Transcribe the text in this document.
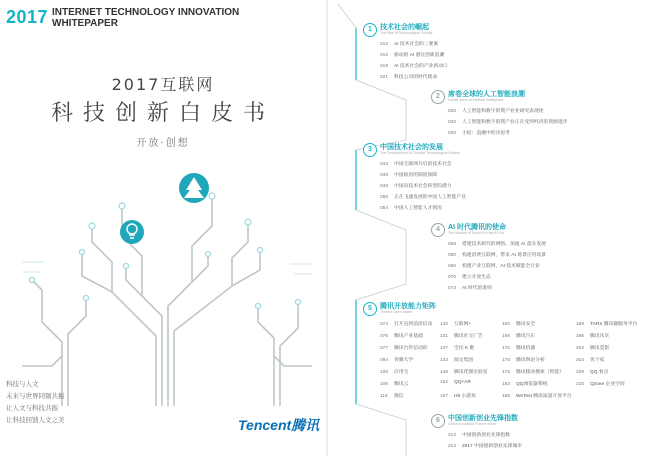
2017 INTERNET TECHNOLOGY INNOVATION
WHITEPAPER
2017互联网
科技创新白皮书
开放·创想
科技与人文
未来与世界同频共振
让人文与科技共振
让科技回馈人文之美	Tencent腾讯
1	技术社会的崛起
The Rise of Technological Society
012 AI 技术社会的三要素
015 驱动的 AI 潜在创新浪潮
019 AI 技术社会的产业新动口
021 科技公司的时代使命
2	席卷全球的人工智能浪潮
Global Wave of Artificial Intelligence
026 人工智能和数字的资产业业研究表现述
032 人工智能和数字的资产业正在受到经济的资源进步
040 小结：浪潮中的冷思考
3	中国技术社会的发展
The Development of Chinese Technological Society
043 中国互联网开启的技术社会
046 中国政府的制度保障
049 中国向技术社会转型的潜力
050 正在飞速发展的中国人工智能产业
054 中国人工智能人才情况
4	AI 时代腾讯的使命
The Mission of Tencent in the AI Era
058 搭建技术研究的网络，加速 AI 落实发展
060 构建消费互联网，带来 AI 场景应用场景
066 构建产业互联网，AI 技术赋能全行业
070 建立开放生态
073 AI 时代的准则
5	腾讯开放能力矩阵
Tencent Open Matrix
074 打开直到前沿信动
076 腾讯产业基础
077 腾讯台传信动的
094 青腾大学
100 应用宝
106 腾讯云
115 微信
120 互联网+
131 腾讯社交广告
137 全民 K 歌
143 阅文集团
146 腾讯优图实验室
152 QQ+AR
157 H5 小游戏
160 腾讯安全
166 腾讯汽车
170 腾讯机器
175 腾讯舆论分析
176 腾讯移动搜索（智能）
183 QQ浏览器系统
188 WeTest 腾讯质量开放平台
189 TARS 腾讯微服务平台
196 腾讯乐享
202 腾讯觅影
204 优个家
209 QQ 看点
210 Qzone 企业空间
6	中国创新创业先锋指数
China Innovation Pioneer Index
213 中国创新创业先锋指数
214 2017 中国创新创业先锋城市
